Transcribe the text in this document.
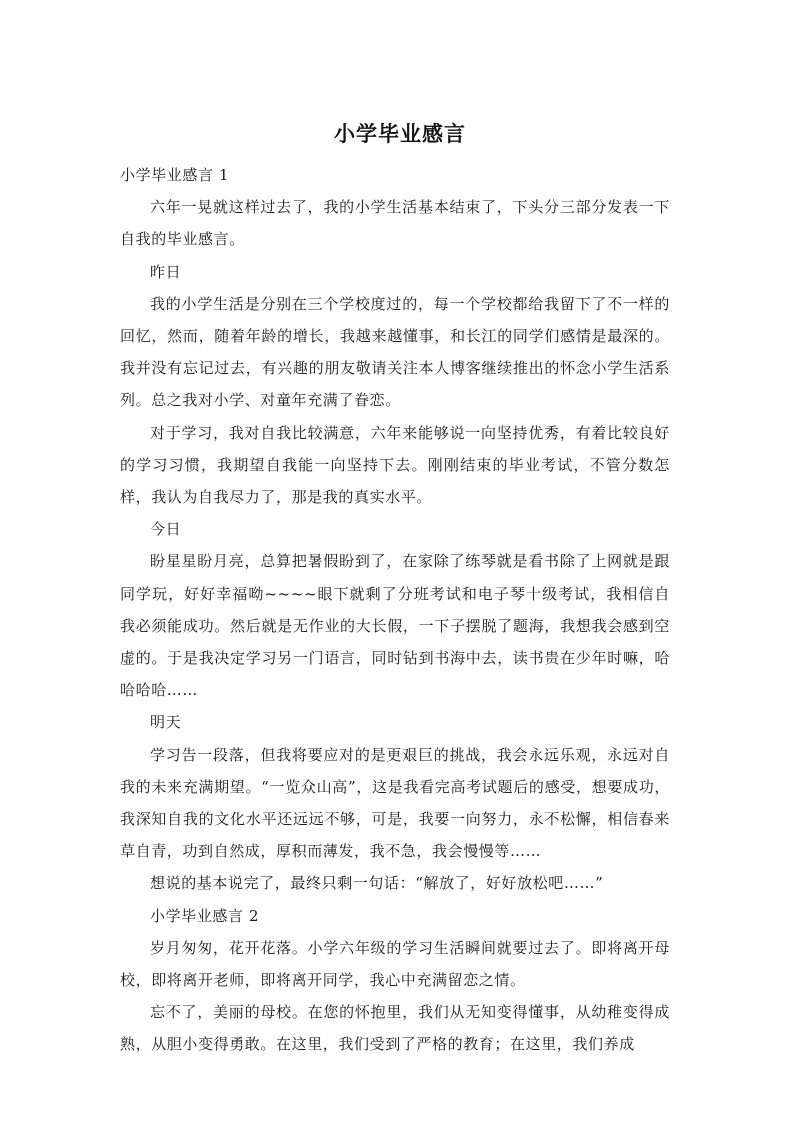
小学毕业感言

小学毕业感言 1

六年一晃就这样过去了，我的小学生活基本结束了，下头分三部分发表一下自我的毕业感言。

昨日

我的小学生活是分别在三个学校度过的，每一个学校都给我留下了不一样的回忆，然而，随着年龄的增长，我越来越懂事，和长江的同学们感情是最深的。我并没有忘记过去，有兴趣的朋友敬请关注本人博客继续推出的怀念小学生活系列。总之我对小学、对童年充满了眷恋。

对于学习，我对自我比较满意，六年来能够说一向坚持优秀，有着比较良好的学习习惯，我期望自我能一向坚持下去。刚刚结束的毕业考试，不管分数怎样，我认为自我尽力了，那是我的真实水平。

今日

盼星星盼月亮，总算把暑假盼到了，在家除了练琴就是看书除了上网就是跟同学玩，好好幸福呦~~~~眼下就剩了分班考试和电子琴十级考试，我相信自我必须能成功。然后就是无作业的大长假，一下子摆脱了题海，我想我会感到空虚的。于是我决定学习另一门语言，同时钻到书海中去，读书贵在少年时嘛，哈哈哈哈……

明天

学习告一段落，但我将要应对的是更艰巨的挑战，我会永远乐观，永远对自我的未来充满期望。“一览众山高”，这是我看完高考试题后的感受，想要成功，我深知自我的文化水平还远远不够，可是，我要一向努力，永不松懈，相信春来草自青，功到自然成，厚积而薄发，我不急，我会慢慢等……

想说的基本说完了，最终只剩一句话：“解放了，好好放松吧……”

小学毕业感言 2

岁月匆匆，花开花落。小学六年级的学习生活瞬间就要过去了。即将离开母校，即将离开老师，即将离开同学，我心中充满留恋之情。

忘不了，美丽的母校。在您的怀抱里，我们从无知变得懂事，从幼稚变得成熟，从胆小变得勇敢。在这里，我们受到了严格的教育；在这里，我们养成
